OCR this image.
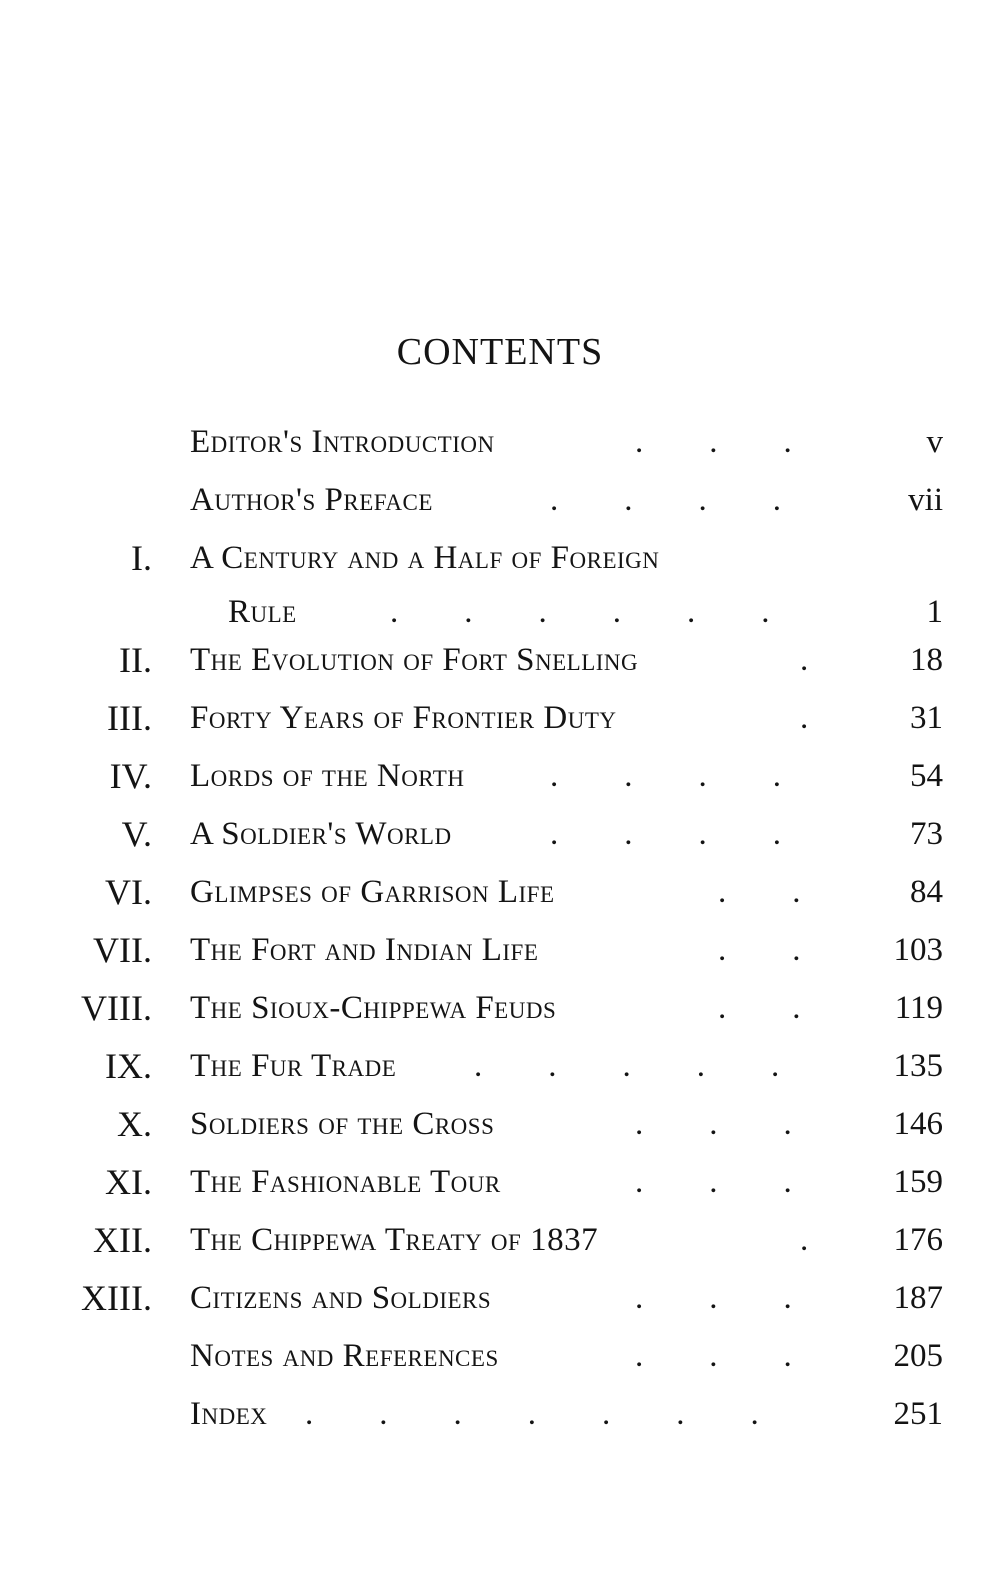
CONTENTS
Editor's Introduction	.  .  .	v
Author's Preface	.  .  .  .	vii
I. A Century and a Half of Foreign
Rule	.  .  .  .  .  .	1
II. The Evolution of Fort Snelling	.	18
III. Forty Years of Frontier Duty	.	31
IV. Lords of the North	.  .  .  .	54
V. A Soldier's World	.  .  .  .	73
VI. Glimpses of Garrison Life	.  .	84
VII. The Fort and Indian Life	.  .	103
VIII. The Sioux-Chippewa Feuds	.  .	119
IX. The Fur Trade	.  .  .  .  .	135
X. Soldiers of the Cross	.  .  .	146
XI. The Fashionable Tour	.  .  .	159
XII. The Chippewa Treaty of 1837	.	176
XIII. Citizens and Soldiers	.  .  .	187
Notes and References	.  .  .	205
Index	.  .  .  .  .  .  .	251
